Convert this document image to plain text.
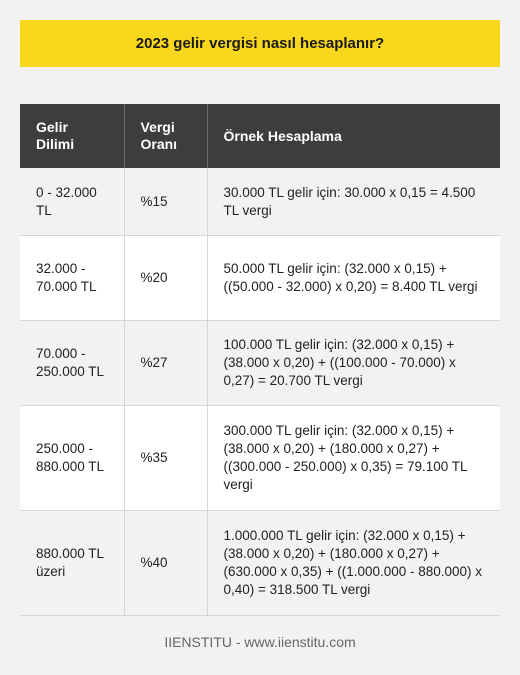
2023 gelir vergisi nasıl hesaplanır?
Gelir Dilimi	Vergi Oranı	Örnek Hesaplama
0 - 32.000 TL	%15	30.000 TL gelir için: 30.000 x 0,15 = 4.500 TL vergi
32.000 - 70.000 TL	%20	50.000 TL gelir için: (32.000 x 0,15) + ((50.000 - 32.000) x 0,20) = 8.400 TL vergi
70.000 - 250.000 TL	%27	100.000 TL gelir için: (32.000 x 0,15) + (38.000 x 0,20) + ((100.000 - 70.000) x 0,27) = 20.700 TL vergi
250.000 - 880.000 TL	%35	300.000 TL gelir için: (32.000 x 0,15) + (38.000 x 0,20) + (180.000 x 0,27) + ((300.000 - 250.000) x 0,35) = 79.100 TL vergi
880.000 TL üzeri	%40	1.000.000 TL gelir için: (32.000 x 0,15) + (38.000 x 0,20) + (180.000 x 0,27) + (630.000 x 0,35) + ((1.000.000 - 880.000) x 0,40) = 318.500 TL vergi
IIENSTITU - www.iienstitu.com
